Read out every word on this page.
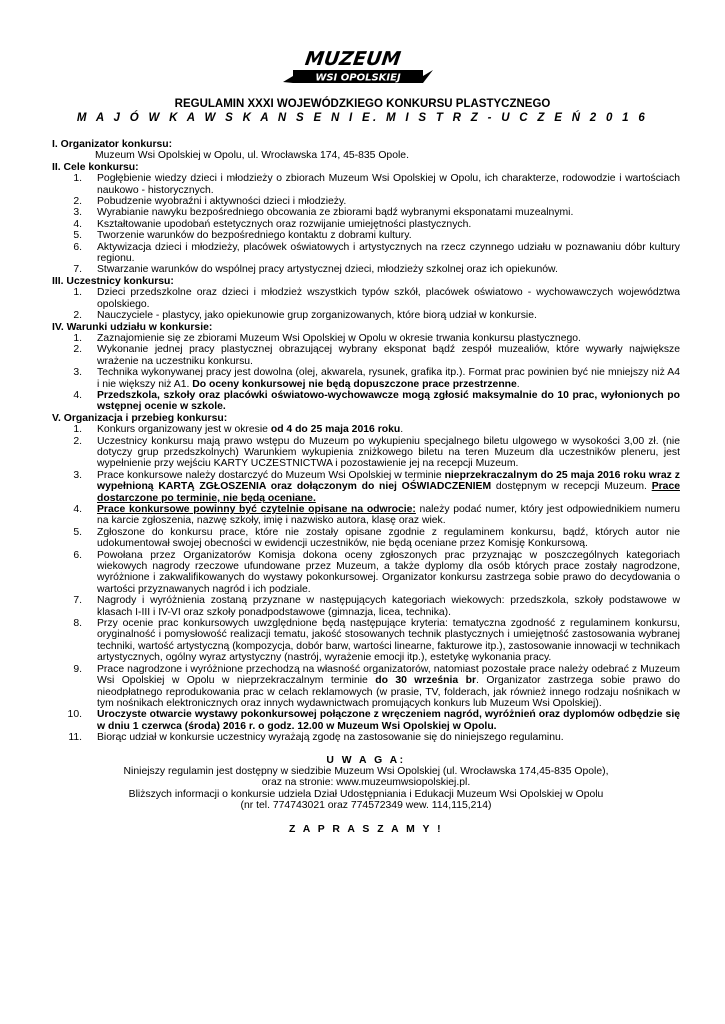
MUZEUM
WSI OPOLSKIEJ
REGULAMIN XXXI WOJEWÓDZKIEGO KONKURSU PLASTYCZNEGO
M A J Ó W K A W S K A N S E N I E. M I S T R Z - U C Z E Ń 2 0 1 6
I. Organizator konkursu:
Muzeum Wsi Opolskiej w Opolu, ul. Wrocławska 174, 45-835 Opole.
II. Cele konkursu:
1. Pogłębienie wiedzy dzieci i młodzieży o zbiorach Muzeum Wsi Opolskiej w Opolu, ich charakterze, rodowodzie i wartościach naukowo - historycznych.
2. Pobudzenie wyobraźni i aktywności dzieci i młodzieży.
3. Wyrabianie nawyku bezpośredniego obcowania ze zbiorami bądź wybranymi eksponatami muzealnymi.
4. Kształtowanie upodobań estetycznych oraz rozwijanie umiejętności plastycznych.
5. Tworzenie warunków do bezpośredniego kontaktu z dobrami kultury.
6. Aktywizacja dzieci i młodzieży, placówek oświatowych i artystycznych na rzecz czynnego udziału w poznawaniu dóbr kultury regionu.
7. Stwarzanie warunków do wspólnej pracy artystycznej dzieci, młodzieży szkolnej oraz ich opiekunów.
III. Uczestnicy konkursu:
1. Dzieci przedszkolne oraz dzieci i młodzież wszystkich typów szkół, placówek oświatowo - wychowawczych województwa opolskiego.
2. Nauczyciele - plastycy, jako opiekunowie grup zorganizowanych, które biorą udział w konkursie.
IV. Warunki udziału w konkursie:
1. Zaznajomienie się ze zbiorami Muzeum Wsi Opolskiej w Opolu w okresie trwania konkursu plastycznego.
2. Wykonanie jednej pracy plastycznej obrazującej wybrany eksponat bądź zespół muzealiów, które wywarły największe wrażenie na uczestniku konkursu.
3. Technika wykonywanej pracy jest dowolna (olej, akwarela, rysunek, grafika itp.). Format prac powinien być nie mniejszy niż A4 i nie większy niż A1. Do oceny konkursowej nie będą dopuszczone prace przestrzenne.
4. Przedszkola, szkoły oraz placówki oświatowo-wychowawcze mogą zgłosić maksymalnie do 10 prac, wyłonionych po wstępnej ocenie w szkole.
V. Organizacja i przebieg konkursu:
1. Konkurs organizowany jest w okresie od 4 do 25 maja 2016 roku.
2. Uczestnicy konkursu mają prawo wstępu do Muzeum po wykupieniu specjalnego biletu ulgowego w wysokości 3,00 zł. (nie dotyczy grup przedszkolnych) Warunkiem wykupienia zniżkowego biletu na teren Muzeum dla uczestników pleneru, jest wypełnienie przy wejściu KARTY UCZESTNICTWA i pozostawienie jej na recepcji Muzeum.
3. Prace konkursowe należy dostarczyć do Muzeum Wsi Opolskiej w terminie nieprzekraczalnym do 25 maja 2016 roku wraz z wypełnioną KARTĄ ZGŁOSZENIA oraz dołączonym do niej OŚWIADCZENIEM dostępnym w recepcji Muzeum. Prace dostarczone po terminie, nie będą oceniane.
4. Prace konkursowe powinny być czytelnie opisane na odwrocie: należy podać numer, który jest odpowiednikiem numeru na karcie zgłoszenia, nazwę szkoły, imię i nazwisko autora, klasę oraz wiek.
5. Zgłoszone do konkursu prace, które nie zostały opisane zgodnie z regulaminem konkursu, bądź, których autor nie udokumentował swojej obecności w ewidencji uczestników, nie będą oceniane przez Komisję Konkursową.
6. Powołana przez Organizatorów Komisja dokona oceny zgłoszonych prac przyznając w poszczególnych kategoriach wiekowych nagrody rzeczowe ufundowane przez Muzeum, a także dyplomy dla osób których prace zostały nagrodzone, wyróżnione i zakwalifikowanych do wystawy pokonkursowej. Organizator konkursu zastrzega sobie prawo do decydowania o wartości przyznawanych nagród i ich podziale.
7. Nagrody i wyróżnienia zostaną przyznane w następujących kategoriach wiekowych: przedszkola, szkoły podstawowe w klasach I-III i IV-VI oraz szkoły ponadpodstawowe (gimnazja, licea, technika).
8. Przy ocenie prac konkursowych uwzględnione będą następujące kryteria: tematyczna zgodność z regulaminem konkursu, oryginalność i pomysłowość realizacji tematu, jakość stosowanych technik plastycznych i umiejętność zastosowania wybranej techniki, wartość artystyczną (kompozycja, dobór barw, wartości linearne, fakturowe itp.), zastosowanie innowacji w technikach artystycznych, ogólny wyraz artystyczny (nastrój, wyrażenie emocji itp.), estetykę wykonania pracy.
9. Prace nagrodzone i wyróżnione przechodzą na własność organizatorów, natomiast pozostałe prace należy odebrać z Muzeum Wsi Opolskiej w Opolu w nieprzekraczalnym terminie do 30 września br. Organizator zastrzega sobie prawo do nieodpłatnego reprodukowania prac w celach reklamowych (w prasie, TV, folderach, jak również innego rodzaju nośnikach w tym nośnikach elektronicznych oraz innych wydawnictwach promujących konkurs lub Muzeum Wsi Opolskiej).
10. Uroczyste otwarcie wystawy pokonkursowej połączone z wręczeniem nagród, wyróżnień oraz dyplomów odbędzie się w dniu 1 czerwca (środa) 2016 r. o godz. 12.00 w Muzeum Wsi Opolskiej w Opolu.
11. Biorąc udział w konkursie uczestnicy wyrażają zgodę na zastosowanie się do niniejszego regulaminu.
U W A G A:
Niniejszy regulamin jest dostępny w siedzibie Muzeum Wsi Opolskiej (ul. Wrocławska 174,45-835 Opole),
oraz na stronie: www.muzeumwsiopolskiej.pl.
Bliższych informacji o konkursie udziela Dział Udostępniania i Edukacji Muzeum Wsi Opolskiej w Opolu
(nr tel. 774743021 oraz 774572349 wew. 114,115,214)
Z A P R A S Z A M Y !
